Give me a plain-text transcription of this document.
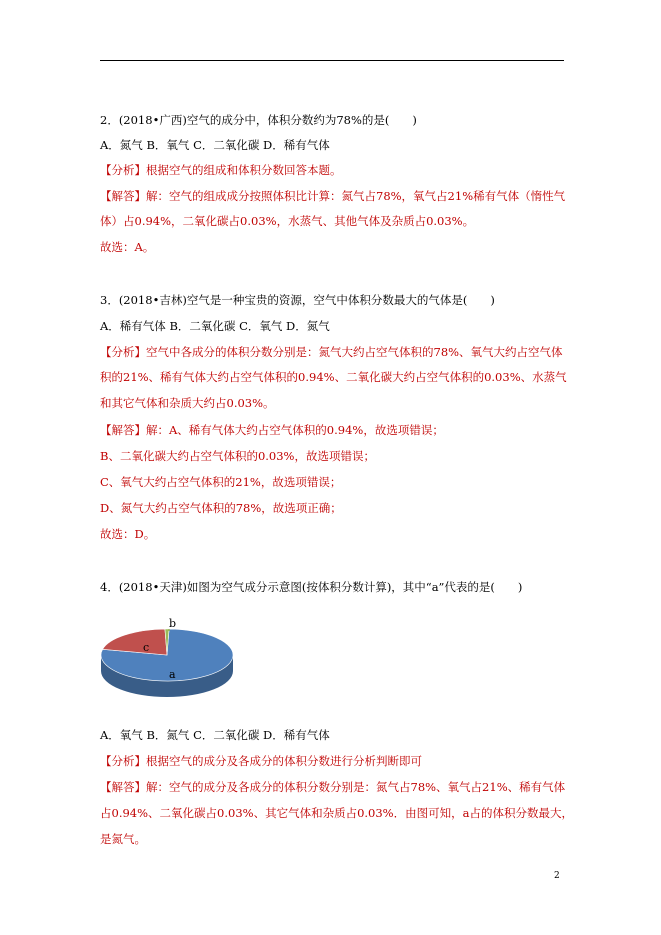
2．(2018•广西)空气的成分中，体积分数约为78%的是(　　)
A．氮气 B．氧气 C．二氧化碳 D．稀有气体
【分析】根据空气的组成和体积分数回答本题。
【解答】解：空气的组成成分按照体积比计算：氮气占78%，氧气占21%稀有气体（惰性气
体）占0.94%，二氧化碳占0.03%，水蒸气、其他气体及杂质占0.03%。
故选：A。
3．(2018•吉林)空气是一种宝贵的资源，空气中体积分数最大的气体是(　　)
A．稀有气体 B．二氧化碳 C．氧气 D．氮气
【分析】空气中各成分的体积分数分别是：氮气大约占空气体积的78%、氧气大约占空气体
积的21%、稀有气体大约占空气体积的0.94%、二氧化碳大约占空气体积的0.03%、水蒸气
和其它气体和杂质大约占0.03%。
【解答】解：A、稀有气体大约占空气体积的0.94%，故选项错误；
B、二氧化碳大约占空气体积的0.03%，故选项错误；
C、氧气大约占空气体积的21%，故选项错误；
D、氮气大约占空气体积的78%，故选项正确；
故选：D。
4．(2018•天津)如图为空气成分示意图(按体积分数计算)，其中“a”代表的是(　　)
a
c
b
A．氧气 B．氮气 C．二氧化碳 D．稀有气体
【分析】根据空气的成分及各成分的体积分数进行分析判断即可
【解答】解：空气的成分及各成分的体积分数分别是：氮气占78%、氧气占21%、稀有气体
占0.94%、二氧化碳占0.03%、其它气体和杂质占0.03%．由图可知，a占的体积分数最大，
是氮气。
2
